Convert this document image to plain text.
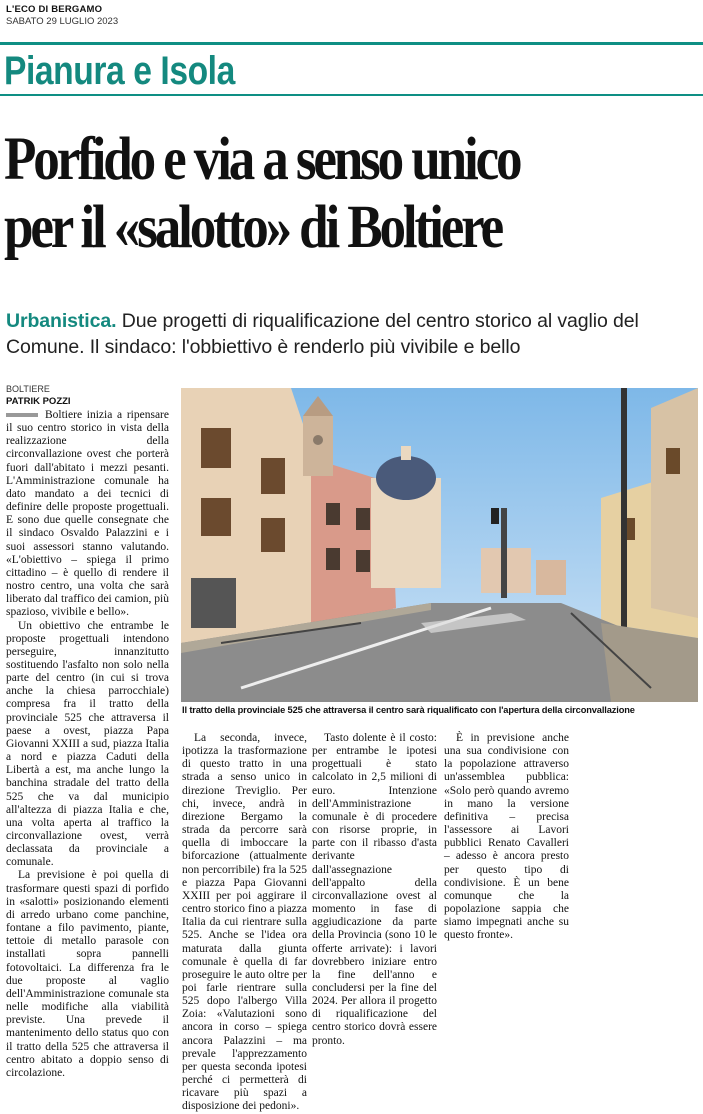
L'ECO DI BERGAMO
SABATO 29 LUGLIO 2023
Pianura e Isola
Porfido e via a senso unico
per il «salotto» di Boltiere
Urbanistica. Due progetti di riqualificazione del centro storico al vaglio del Comune. Il sindaco: l'obbiettivo è renderlo più vivibile e bello
BOLTIERE
PATRIK POZZI

Boltiere inizia a ripensare il suo centro storico in vista della realizzazione della circonvallazione ovest che porterà fuori dall'abitato i mezzi pesanti. L'Amministrazione comunale ha dato mandato a dei tecnici di definire delle proposte progettuali. E sono due quelle consegnate che il sindaco Osvaldo Palazzini e i suoi assessori stanno valutando. «L'obiettivo – spiega il primo cittadino – è quello di rendere il nostro centro, una volta che sarà liberato dal traffico dei camion, più spazioso, vivibile e bello».

Un obiettivo che entrambe le proposte progettuali intendono perseguire, innanzitutto sostituendo l'asfalto non solo nella parte del centro (in cui si trova anche la chiesa parrocchiale) compresa fra il tratto della provinciale 525 che attraversa il paese a ovest, piazza Papa Giovanni XXIII a sud, piazza Italia a nord e piazza Caduti della Libertà a est, ma anche lungo la banchina stradale del tratto della 525 che va dal municipio all'altezza di piazza Italia e che, una volta aperta al traffico la circonvallazione ovest, verrà declassata da provinciale a comunale.

La previsione è poi quella di trasformare questi spazi di porfido in «salotti» posizionando elementi di arredo urbano come panchine, fontane a filo pavimento, piante, tettoie di metallo parasole con installati sopra pannelli fotovoltaici. La differenza fra le due proposte al vaglio dell'Amministrazione comunale sta nelle modifiche alla viabilità previste. Una prevede il mantenimento dello status quo con il tratto della 525 che attraversa il centro abitato a doppio senso di circolazione.

La seconda, invece, ipotizza la trasformazione di questo tratto in una strada a senso unico in direzione Treviglio. Per chi, invece, andrà in direzione Bergamo la strada da percorre sarà quella di imboccare la biforcazione (attualmente non percorribile) fra la 525 e piazza Papa Giovanni XXIII per poi aggirare il centro storico fino a piazza Italia da cui rientrare sulla 525. Anche se l'idea ora maturata dalla giunta comunale è quella di far proseguire le auto oltre per poi farle rientrare sulla 525 dopo l'albergo Villa Zoia: «Valutazioni sono ancora in corso – spiega ancora Palazzini – ma prevale l'apprezzamento per questa seconda ipotesi perché ci permetterà di ricavare più spazi a disposizione dei pedoni».

Tasto dolente è il costo: per entrambe le ipotesi progettuali è stato calcolato in 2,5 milioni di euro. Intenzione dell'Amministrazione comunale è di procedere con risorse proprie, in parte con il ribasso d'asta derivante dall'assegnazione dell'appalto della circonvallazione ovest al momento in fase di aggiudicazione da parte della Provincia (sono 10 le offerte arrivate): i lavori dovrebbero iniziare entro la fine dell'anno e concludersi per la fine del 2024. Per allora il progetto di riqualificazione del centro storico dovrà essere pronto.

È in previsione anche una sua condivisione con la popolazione attraverso un'assemblea pubblica: «Solo però quando avremo in mano la versione definitiva – precisa l'assessore ai Lavori pubblici Renato Cavalleri – adesso è ancora presto per questo tipo di condivisione. È un bene comunque che la popolazione sappia che siamo impegnati anche su questo fronte».

Il tratto della provinciale 525 che attraversa il centro sarà riqualificato con l'apertura della circonvallazione
